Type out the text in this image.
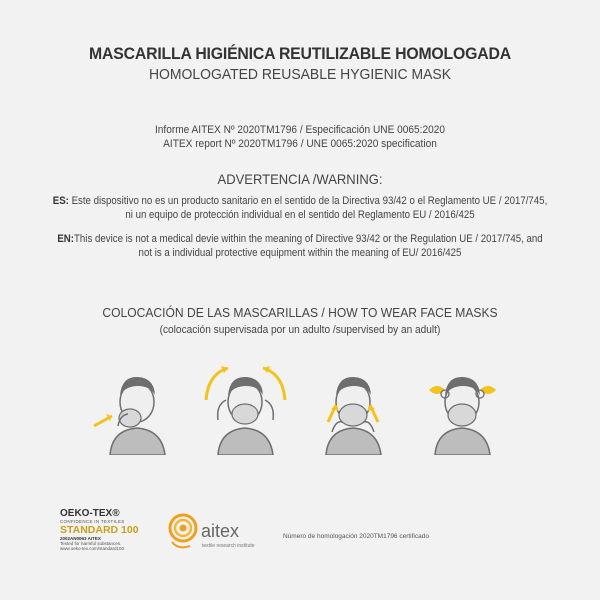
MASCARILLA HIGIÉNICA REUTILIZABLE HOMOLOGADA
HOMOLOGATED REUSABLE HYGIENIC MASK
Informe AITEX Nº 2020TM1796 / Especificación UNE 0065:2020
AITEX report Nº 2020TM1796 / UNE 0065:2020 specification
ADVERTENCIA /WARNING:
ES: Este dispositivo no es un producto sanitario en el sentido de la Directiva 93/42 o el Reglamento UE / 2017/745,
ni un equipo de protección individual en el sentido del Reglamento EU / 2016/425
EN:This device is not a medical devie within the meaning of Directive 93/42 or the Regulation UE / 2017/745, and
not is a individual protective equipment within the meaning of EU/ 2016/425
COLOCACIÓN DE LAS MASCARILLAS / HOW TO WEAR FACE MASKS
(colocación supervisada por un adulto /supervised by an adult)
OEKO-TEX®
CONFIDENCE IN TEXTILES
STANDARD 100
2002AN0063 AITEX
Tested for harmful substances.
www.oeko-tex.com/standard100
aitex
textile research institute
Número de homologación 2020TM1796 certificado
